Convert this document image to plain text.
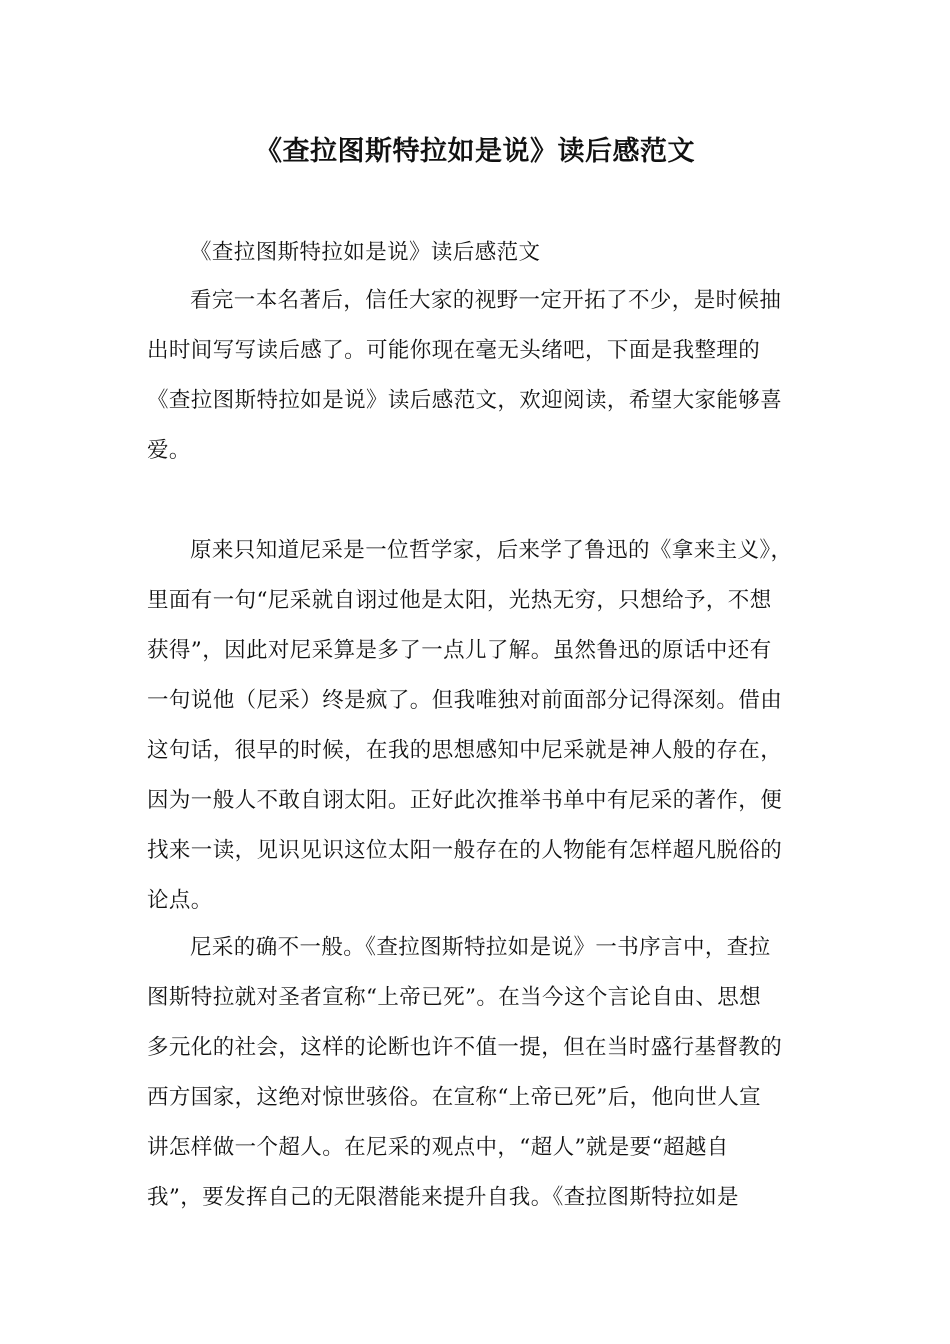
《查拉图斯特拉如是说》读后感范文
《查拉图斯特拉如是说》读后感范文
看完一本名著后，信任大家的视野一定开拓了不少，是时候抽
出时间写写读后感了。可能你现在毫无头绪吧，下面是我整理的
《查拉图斯特拉如是说》读后感范文，欢迎阅读，希望大家能够喜
爱。
原来只知道尼采是一位哲学家，后来学了鲁迅的《拿来主义》，
里面有一句“尼采就自诩过他是太阳，光热无穷，只想给予，不想
获得”，因此对尼采算是多了一点儿了解。虽然鲁迅的原话中还有
一句说他（尼采）终是疯了。但我唯独对前面部分记得深刻。借由
这句话，很早的时候，在我的思想感知中尼采就是神人般的存在，
因为一般人不敢自诩太阳。正好此次推举书单中有尼采的著作，便
找来一读，见识见识这位太阳一般存在的人物能有怎样超凡脱俗的
论点。
尼采的确不一般。《查拉图斯特拉如是说》一书序言中，查拉
图斯特拉就对圣者宣称“上帝已死”。在当今这个言论自由、思想
多元化的社会，这样的论断也许不值一提，但在当时盛行基督教的
西方国家，这绝对惊世骇俗。在宣称“上帝已死”后，他向世人宣
讲怎样做一个超人。在尼采的观点中，“超人”就是要“超越自
我”，要发挥自己的无限潜能来提升自我。《查拉图斯特拉如是
